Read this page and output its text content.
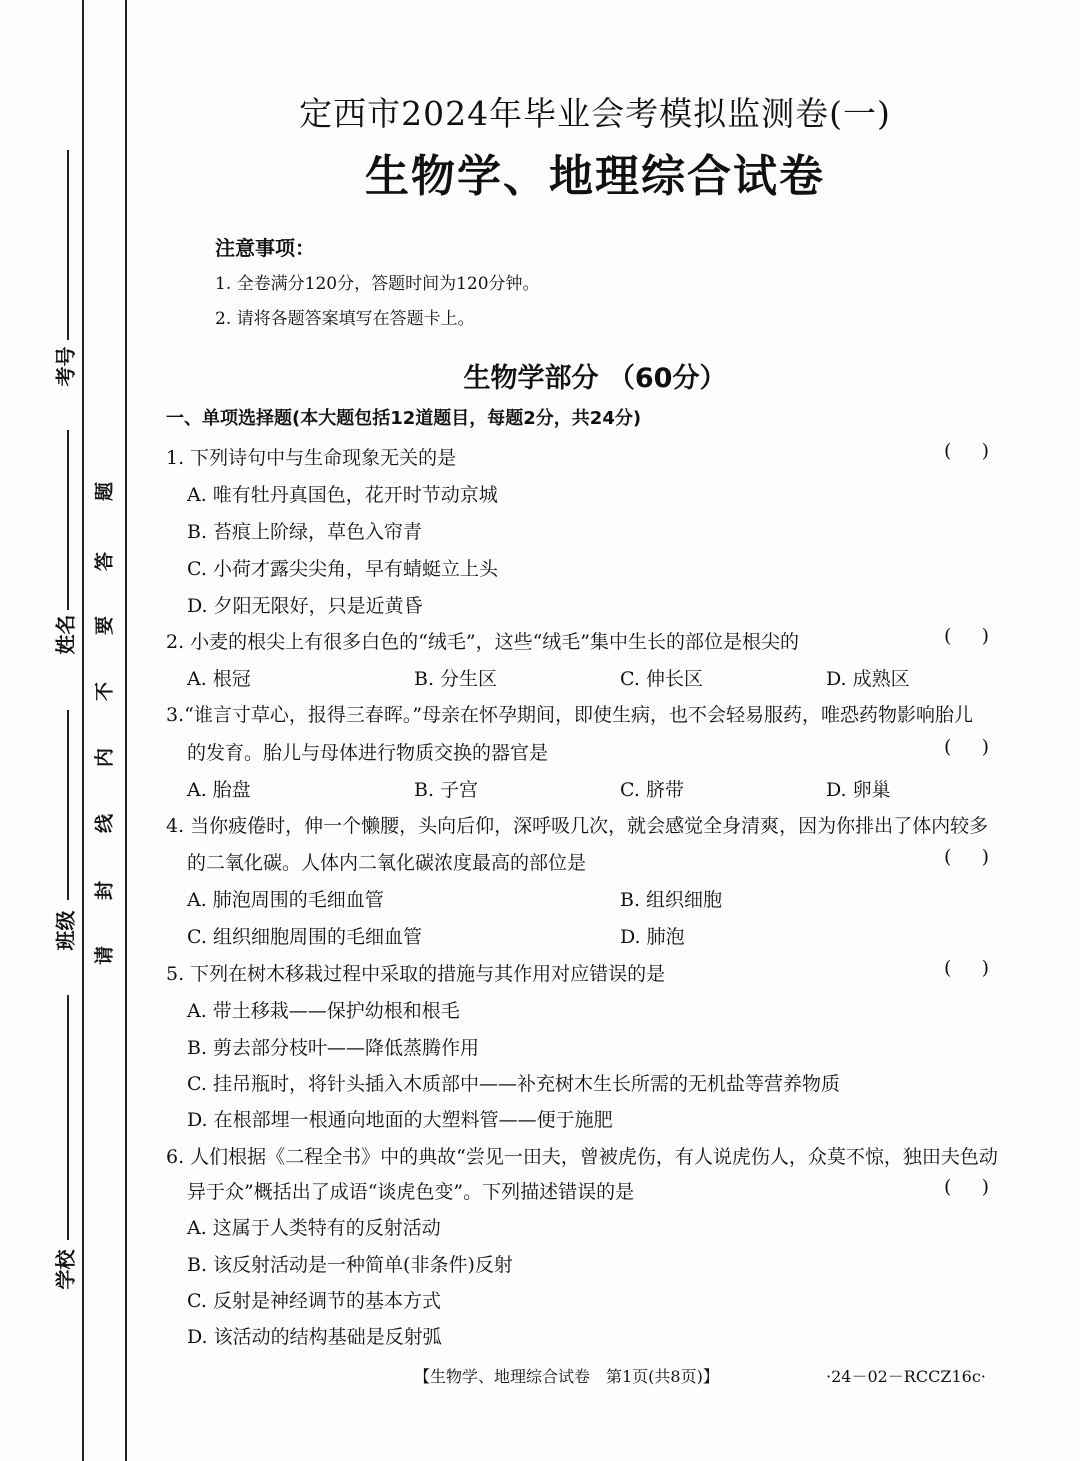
考号
姓名
班级
学校
题
答
要
不
内
线
封
请
定西市2024年毕业会考模拟监测卷(一)
生物学、地理综合试卷
注意事项：
1. 全卷满分120分，答题时间为120分钟。
2. 请将各题答案填写在答题卡上。
生物学部分 （60分）
一、单项选择题(本大题包括12道题目，每题2分，共24分)
1. 下列诗句中与生命现象无关的是	(     )
A. 唯有牡丹真国色，花开时节动京城
B. 苔痕上阶绿，草色入帘青
C. 小荷才露尖尖角，早有蜻蜓立上头
D. 夕阳无限好，只是近黄昏
2. 小麦的根尖上有很多白色的“绒毛”，这些“绒毛”集中生长的部位是根尖的	(     )
A. 根冠	B. 分生区	C. 伸长区	D. 成熟区
3.“谁言寸草心，报得三春晖。”母亲在怀孕期间，即使生病，也不会轻易服药，唯恐药物影响胎儿
的发育。胎儿与母体进行物质交换的器官是	(     )
A. 胎盘	B. 子宫	C. 脐带	D. 卵巢
4. 当你疲倦时，伸一个懒腰，头向后仰，深呼吸几次，就会感觉全身清爽，因为你排出了体内较多
的二氧化碳。人体内二氧化碳浓度最高的部位是	(     )
A. 肺泡周围的毛细血管	B. 组织细胞
C. 组织细胞周围的毛细血管	D. 肺泡
5. 下列在树木移栽过程中采取的措施与其作用对应错误的是	(     )
A. 带土移栽——保护幼根和根毛
B. 剪去部分枝叶——降低蒸腾作用
C. 挂吊瓶时，将针头插入木质部中——补充树木生长所需的无机盐等营养物质
D. 在根部埋一根通向地面的大塑料管——便于施肥
6. 人们根据《二程全书》中的典故“尝见一田夫，曾被虎伤，有人说虎伤人，众莫不惊，独田夫色动
异于众”概括出了成语“谈虎色变”。下列描述错误的是	(     )
A. 这属于人类特有的反射活动
B. 该反射活动是一种简单(非条件)反射
C. 反射是神经调节的基本方式
D. 该活动的结构基础是反射弧
【生物学、地理综合试卷　第1页(共8页)】	·24－02－RCCZ16c·
